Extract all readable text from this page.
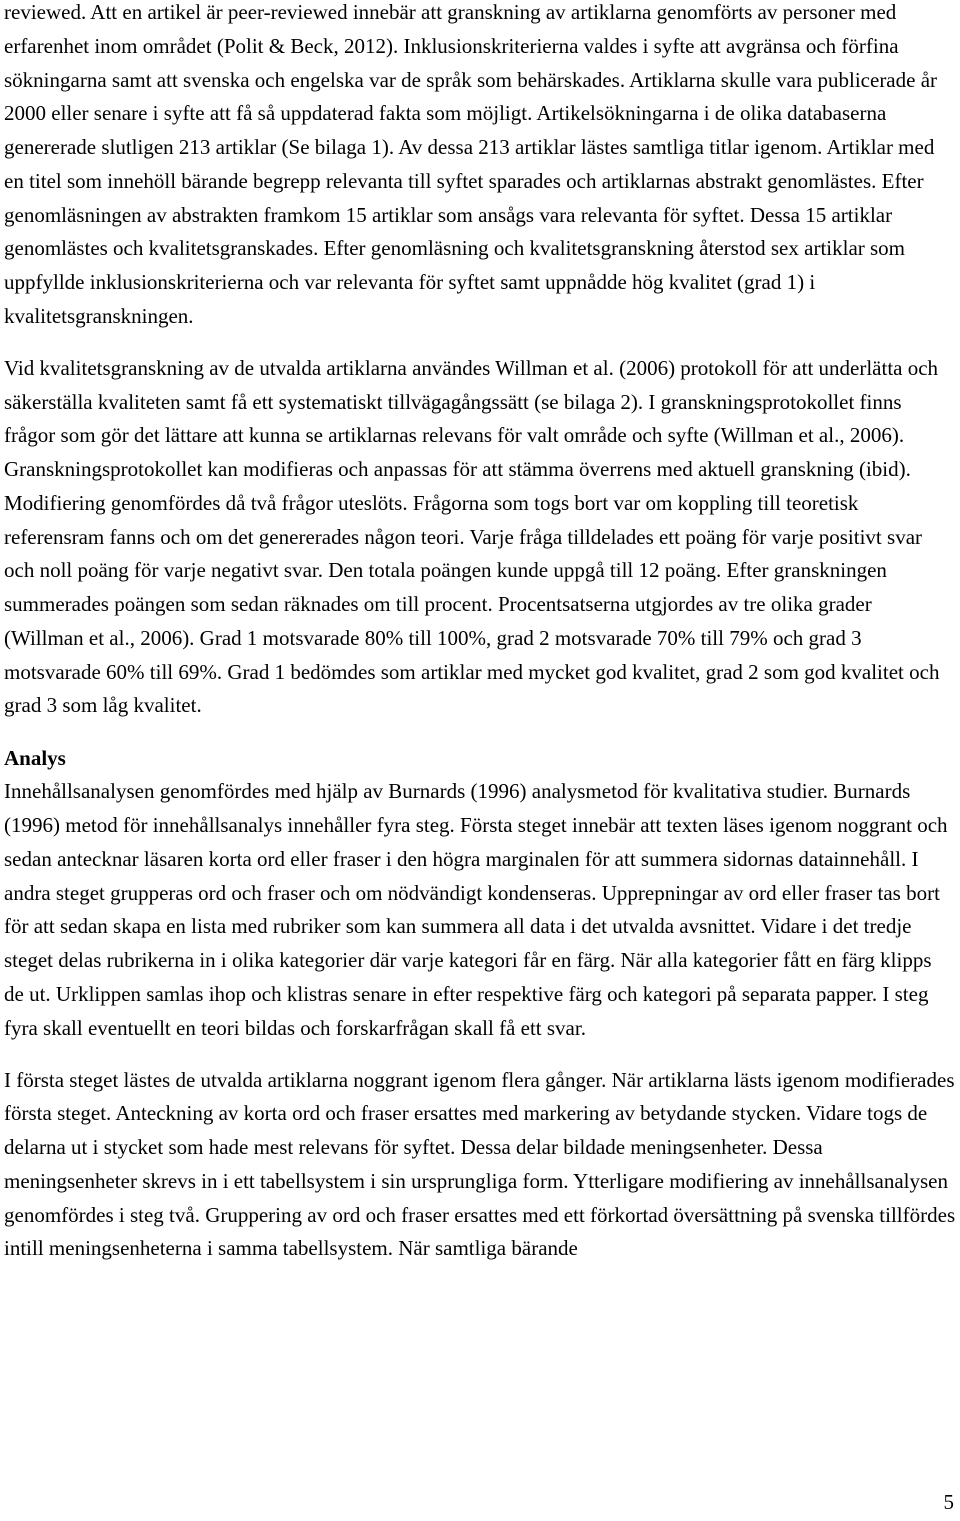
reviewed. Att en artikel är peer-reviewed innebär att granskning av artiklarna genomförts av personer med erfarenhet inom området (Polit & Beck, 2012). Inklusionskriterierna valdes i syfte att avgränsa och förfina sökningarna samt att svenska och engelska var de språk som behärskades. Artiklarna skulle vara publicerade år 2000 eller senare i syfte att få så uppdaterad fakta som möjligt. Artikelsökningarna i de olika databaserna genererade slutligen 213 artiklar (Se bilaga 1). Av dessa 213 artiklar lästes samtliga titlar igenom. Artiklar med en titel som innehöll bärande begrepp relevanta till syftet sparades och artiklarnas abstrakt genomlästes. Efter genomläsningen av abstrakten framkom 15 artiklar som ansågs vara relevanta för syftet. Dessa 15 artiklar genomlästes och kvalitetsgranskades. Efter genomläsning och kvalitetsgranskning återstod sex artiklar som uppfyllde inklusionskriterierna och var relevanta för syftet samt uppnådde hög kvalitet (grad 1) i kvalitetsgranskningen.

Vid kvalitetsgranskning av de utvalda artiklarna användes Willman et al. (2006) protokoll för att underlätta och säkerställa kvaliteten samt få ett systematiskt tillvägagångssätt (se bilaga 2). I granskningsprotokollet finns frågor som gör det lättare att kunna se artiklarnas relevans för valt område och syfte (Willman et al., 2006). Granskningsprotokollet kan modifieras och anpassas för att stämma överrens med aktuell granskning (ibid). Modifiering genomfördes då två frågor uteslöts. Frågorna som togs bort var om koppling till teoretisk referensram fanns och om det genererades någon teori. Varje fråga tilldelades ett poäng för varje positivt svar och noll poäng för varje negativt svar. Den totala poängen kunde uppgå till 12 poäng. Efter granskningen summerades poängen som sedan räknades om till procent. Procentsatserna utgjordes av tre olika grader (Willman et al., 2006). Grad 1 motsvarade 80% till 100%, grad 2 motsvarade 70% till 79% och grad 3 motsvarade 60% till 69%. Grad 1 bedömdes som artiklar med mycket god kvalitet, grad 2 som god kvalitet och grad 3 som låg kvalitet.

Analys

Innehållsanalysen genomfördes med hjälp av Burnards (1996) analysmetod för kvalitativa studier. Burnards (1996) metod för innehållsanalys innehåller fyra steg. Första steget innebär att texten läses igenom noggrant och sedan antecknar läsaren korta ord eller fraser i den högra marginalen för att summera sidornas datainnehåll. I andra steget grupperas ord och fraser och om nödvändigt kondenseras. Upprepningar av ord eller fraser tas bort för att sedan skapa en lista med rubriker som kan summera all data i det utvalda avsnittet. Vidare i det tredje steget delas rubrikerna in i olika kategorier där varje kategori får en färg. När alla kategorier fått en färg klipps de ut. Urklippen samlas ihop och klistras senare in efter respektive färg och kategori på separata papper. I steg fyra skall eventuellt en teori bildas och forskarfrågan skall få ett svar.

I första steget lästes de utvalda artiklarna noggrant igenom flera gånger. När artiklarna lästs igenom modifierades första steget. Anteckning av korta ord och fraser ersattes med markering av betydande stycken. Vidare togs de delarna ut i stycket som hade mest relevans för syftet. Dessa delar bildade meningsenheter. Dessa meningsenheter skrevs in i ett tabellsystem i sin ursprungliga form. Ytterligare modifiering av innehållsanalysen genomfördes i steg två. Gruppering av ord och fraser ersattes med ett förkortad översättning på svenska tillfördes intill meningsenheterna i samma tabellsystem. När samtliga bärande

5
